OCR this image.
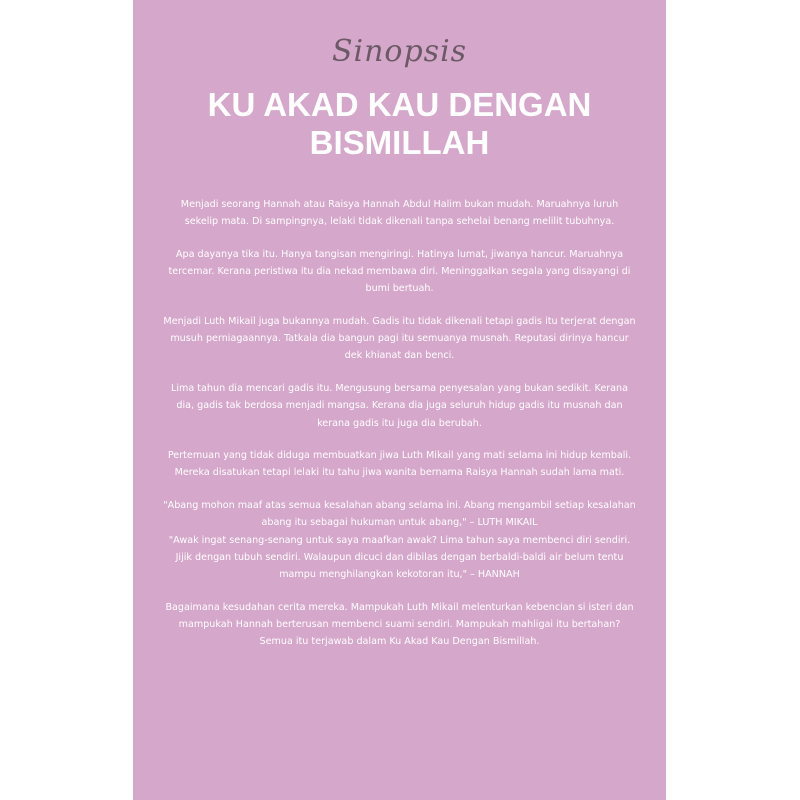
Sinopsis
KU AKAD KAU DENGAN
BISMILLAH

Menjadi seorang Hannah atau Raisya Hannah Abdul Halim bukan mudah. Maruahnya luruh sekelip mata. Di sampingnya, lelaki tidak dikenali tanpa sehelai benang melilit tubuhnya.

Apa dayanya tika itu. Hanya tangisan mengiringi. Hatinya lumat, jiwanya hancur. Maruahnya tercemar. Kerana peristiwa itu dia nekad membawa diri. Meninggalkan segala yang disayangi di bumi bertuah.

Menjadi Luth Mikail juga bukannya mudah. Gadis itu tidak dikenali tetapi gadis itu terjerat dengan musuh perniagaannya. Tatkala dia bangun pagi itu semuanya musnah. Reputasi dirinya hancur dek khianat dan benci.

Lima tahun dia mencari gadis itu. Mengusung bersama penyesalan yang bukan sedikit. Kerana dia, gadis tak berdosa menjadi mangsa. Kerana dia juga seluruh hidup gadis itu musnah dan kerana gadis itu juga dia berubah.

Pertemuan yang tidak diduga membuatkan jiwa Luth Mikail yang mati selama ini hidup kembali. Mereka disatukan tetapi lelaki itu tahu jiwa wanita bernama Raisya Hannah sudah lama mati.

"Abang mohon maaf atas semua kesalahan abang selama ini. Abang mengambil setiap kesalahan abang itu sebagai hukuman untuk abang," – LUTH MIKAIL

"Awak ingat senang-senang untuk saya maafkan awak? Lima tahun saya membenci diri sendiri. Jijik dengan tubuh sendiri. Walaupun dicuci dan dibilas dengan berbaldi-baldi air belum tentu mampu menghilangkan kekotoran itu," – HANNAH

Bagaimana kesudahan cerita mereka. Mampukah Luth Mikail melenturkan kebencian si isteri dan mampukah Hannah berterusan membenci suami sendiri. Mampukah mahligai itu bertahan? Semua itu terjawab dalam Ku Akad Kau Dengan Bismillah.
